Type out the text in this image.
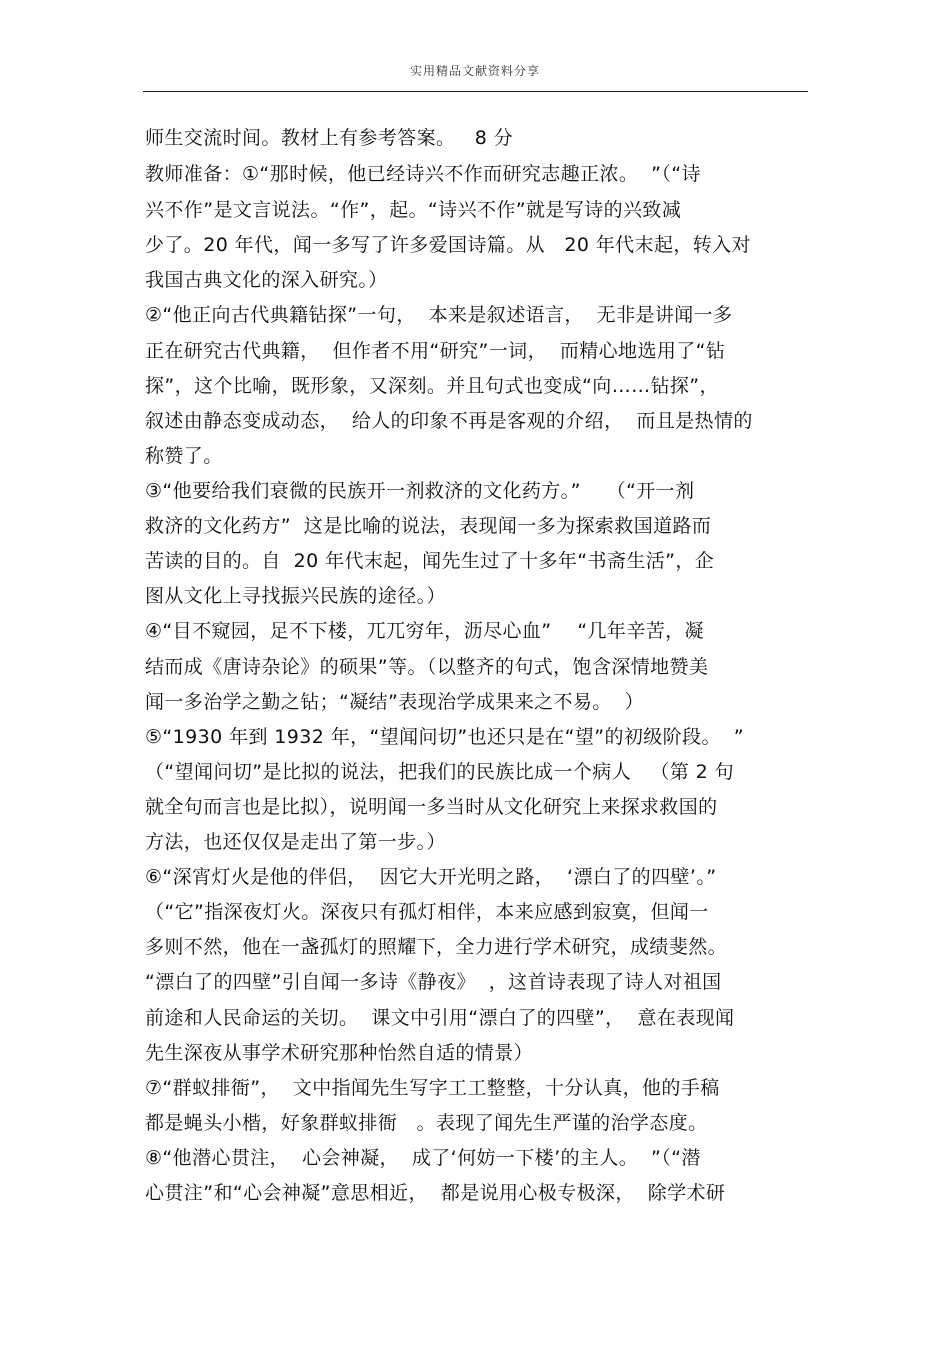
实用精品文献资料分享
师生交流时间。教材上有参考答案。   8 分
教师准备：①“那时候，他已经诗兴不作而研究志趣正浓。  ”（“诗
兴不作”是文言说法。“作”，起。“诗兴不作”就是写诗的兴致减
少了。20 年代，闻一多写了许多爱国诗篇。从   20 年代末起，转入对
我国古典文化的深入研究。）
②“他正向古代典籍钻探”一句，  本来是叙述语言，  无非是讲闻一多
正在研究古代典籍，  但作者不用“研究”一词，  而精心地选用了“钻
探”，这个比喻，既形象，又深刻。并且句式也变成“向……钻探”，
叙述由静态变成动态，  给人的印象不再是客观的介绍，  而且是热情的
称赞了。
③“他要给我们衰微的民族开一剂救济的文化药方。”    （“开一剂
救济的文化药方”  这是比喻的说法，表现闻一多为探索救国道路而
苦读的目的。自  20 年代末起，闻先生过了十多年“书斋生活”，企
图从文化上寻找振兴民族的途径。）
④“目不窥园，足不下楼，兀兀穷年，沥尽心血”    “几年辛苦，凝
结而成《唐诗杂论》的硕果”等。（以整齐的句式，饱含深情地赞美
闻一多治学之勤之钻；“凝结”表现治学成果来之不易。  ）
⑤“1930 年到 1932 年，“望闻问切”也还只是在“望”的初级阶段。  ”
（“望闻问切”是比拟的说法，把我们的民族比成一个病人   （第 2 句
就全句而言也是比拟），说明闻一多当时从文化研究上来探求救国的
方法，也还仅仅是走出了第一步。）
⑥“深宵灯火是他的伴侣，  因它大开光明之路，  ‘漂白了的四壁’。”
（“它”指深夜灯火。深夜只有孤灯相伴，本来应感到寂寞，但闻一
多则不然，他在一盏孤灯的照耀下，全力进行学术研究，成绩斐然。
“漂白了的四壁”引自闻一多诗《静夜》  ，这首诗表现了诗人对祖国
前途和人民命运的关切。  课文中引用“漂白了的四壁”，  意在表现闻
先生深夜从事学术研究那种怡然自适的情景）
⑦“群蚁排衙”，  文中指闻先生写字工工整整，十分认真，他的手稿
都是蝇头小楷，好象群蚁排衙   。表现了闻先生严谨的治学态度。
⑧“他潜心贯注，  心会神凝，  成了‘何妨一下楼’的主人。  ”（“潜
心贯注”和“心会神凝”意思相近，  都是说用心极专极深，  除学术研
